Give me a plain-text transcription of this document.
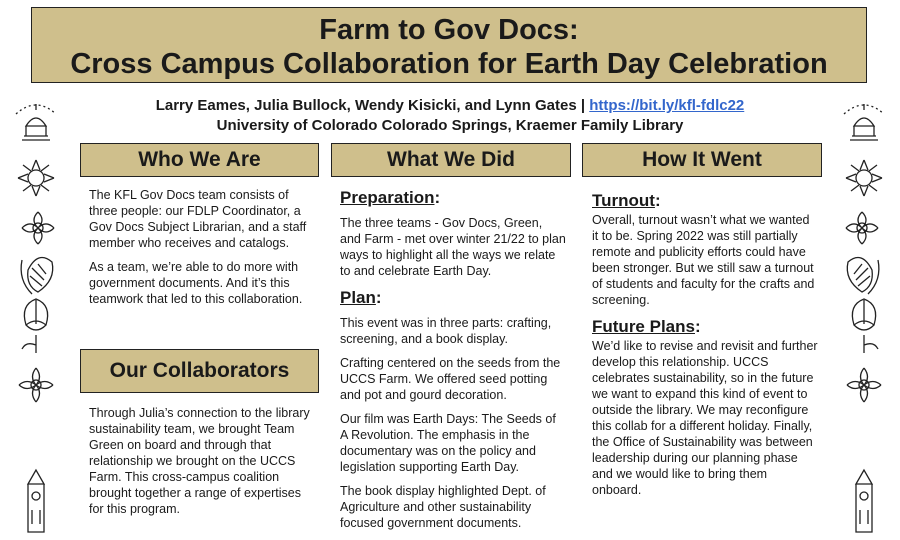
Farm to Gov Docs:
Cross Campus Collaboration for Earth Day Celebration
Larry Eames, Julia Bullock, Wendy Kisicki, and Lynn Gates | https://bit.ly/kfl-fdlc22
University of Colorado Colorado Springs, Kraemer Family Library
Who We Are

The KFL Gov Docs team consists of three people: our FDLP Coordinator, a Gov Docs Subject Librarian, and a staff member who receives and catalogs.

As a team, we’re able to do more with government documents. And it’s this teamwork that led to this collaboration.

Our Collaborators

Through Julia’s connection to the library sustainability team, we brought Team Green on board and through that relationship we brought on the UCCS Farm. This cross-campus coalition brought together a range of expertises for this program.

What We Did
Preparation:

The three teams - Gov Docs, Green, and Farm - met over winter 21/22 to plan ways to highlight all the ways we relate to and celebrate Earth Day.

Plan:

This event was in three parts: crafting, screening, and a book display.

Crafting centered on the seeds from the UCCS Farm. We offered seed potting and pot and gourd decoration.

Our film was Earth Days: The Seeds of A Revolution. The emphasis in the documentary was on the policy and legislation supporting Earth Day.

The book display highlighted Dept. of Agriculture and other sustainability focused government documents.

How It Went
Turnout:

Overall, turnout wasn’t what we wanted it to be. Spring 2022 was still partially remote and publicity efforts could have been stronger. But we still saw a turnout of students and faculty for the crafts and screening.

Future Plans:

We’d like to revise and revisit and further develop this relationship. UCCS celebrates sustainability, so in the future we want to expand this kind of event to outside the library. We may reconfigure this collab for a different holiday. Finally, the Office of Sustainability was between leadership during our planning phase and we would like to bring them onboard.
